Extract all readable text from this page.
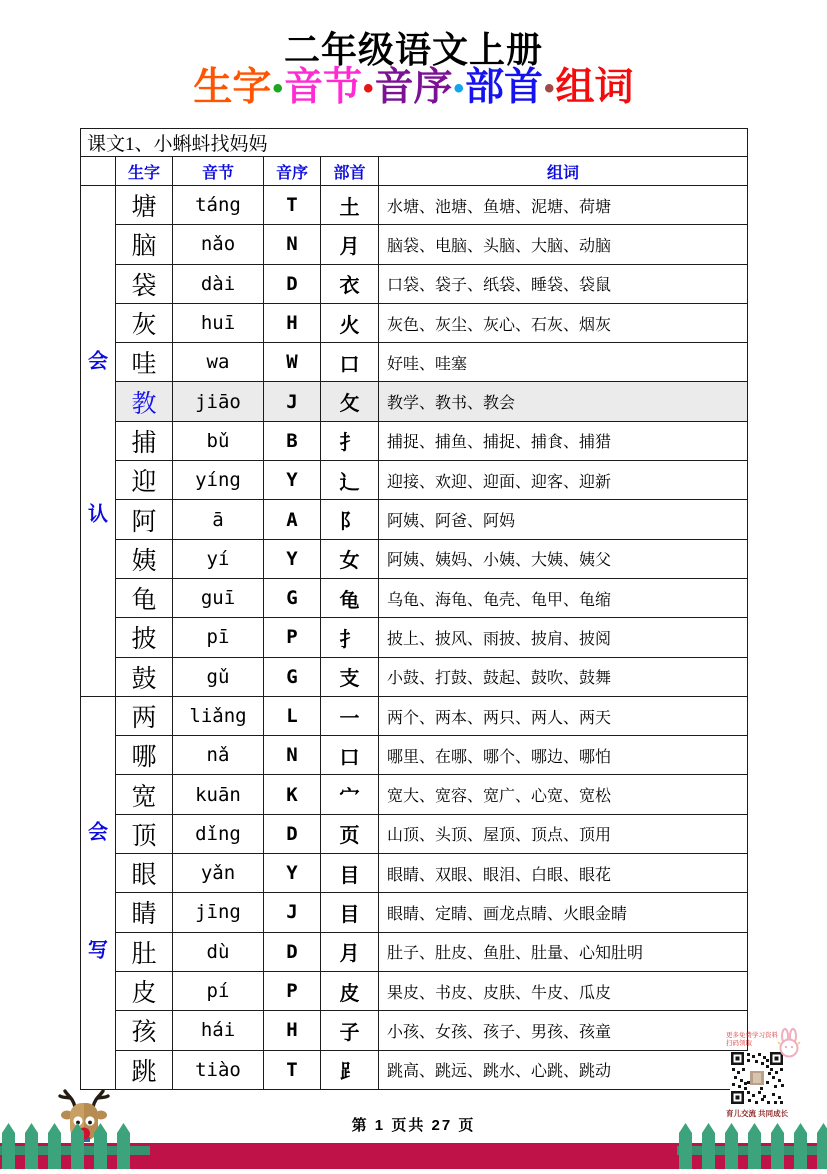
二年级语文上册
生字•音节•音序•部首•组词
课文1、小蝌蚪找妈妈					
	生字	音节	音序	部首	组词

会
认	塘	táng	T	土	水塘、池塘、鱼塘、泥塘、荷塘
	脑	nǎo	N	月	脑袋、电脑、头脑、大脑、动脑
	袋	dài	D	衣	口袋、袋子、纸袋、睡袋、袋鼠
	灰	huī	H	火	灰色、灰尘、灰心、石灰、烟灰
	哇	wa	W	口	好哇、哇塞
	教	jiāo	J	攵	教学、教书、教会
	捕	bǔ	B	扌	捕捉、捕鱼、捕捉、捕食、捕猎
	迎	yíng	Y	辶	迎接、欢迎、迎面、迎客、迎新
	阿	ā	A	阝	阿姨、阿爸、阿妈
	姨	yí	Y	女	阿姨、姨妈、小姨、大姨、姨父
	龟	guī	G	龟	乌龟、海龟、龟壳、龟甲、龟缩
	披	pī	P	扌	披上、披风、雨披、披肩、披阅
	鼓	gǔ	G	支	小鼓、打鼓、鼓起、鼓吹、鼓舞

会
写	两	liǎng	L	一	两个、两本、两只、两人、两天
	哪	nǎ	N	口	哪里、在哪、哪个、哪边、哪怕
	宽	kuān	K	宀	宽大、宽容、宽广、心宽、宽松
	顶	dǐng	D	页	山顶、头顶、屋顶、顶点、顶用
	眼	yǎn	Y	目	眼睛、双眼、眼泪、白眼、眼花
	睛	jīng	J	目	眼睛、定睛、画龙点睛、火眼金睛
	肚	dù	D	月	肚子、肚皮、鱼肚、肚量、心知肚明
	皮	pí	P	皮	果皮、书皮、皮肤、牛皮、瓜皮
	孩	hái	H	子	小孩、女孩、孩子、男孩、孩童
	跳	tiào	T	⻊	跳高、跳远、跳水、心跳、跳动
第 1 页共 27 页
更多免费学习资料
扫码领取
育儿交流 共同成长
